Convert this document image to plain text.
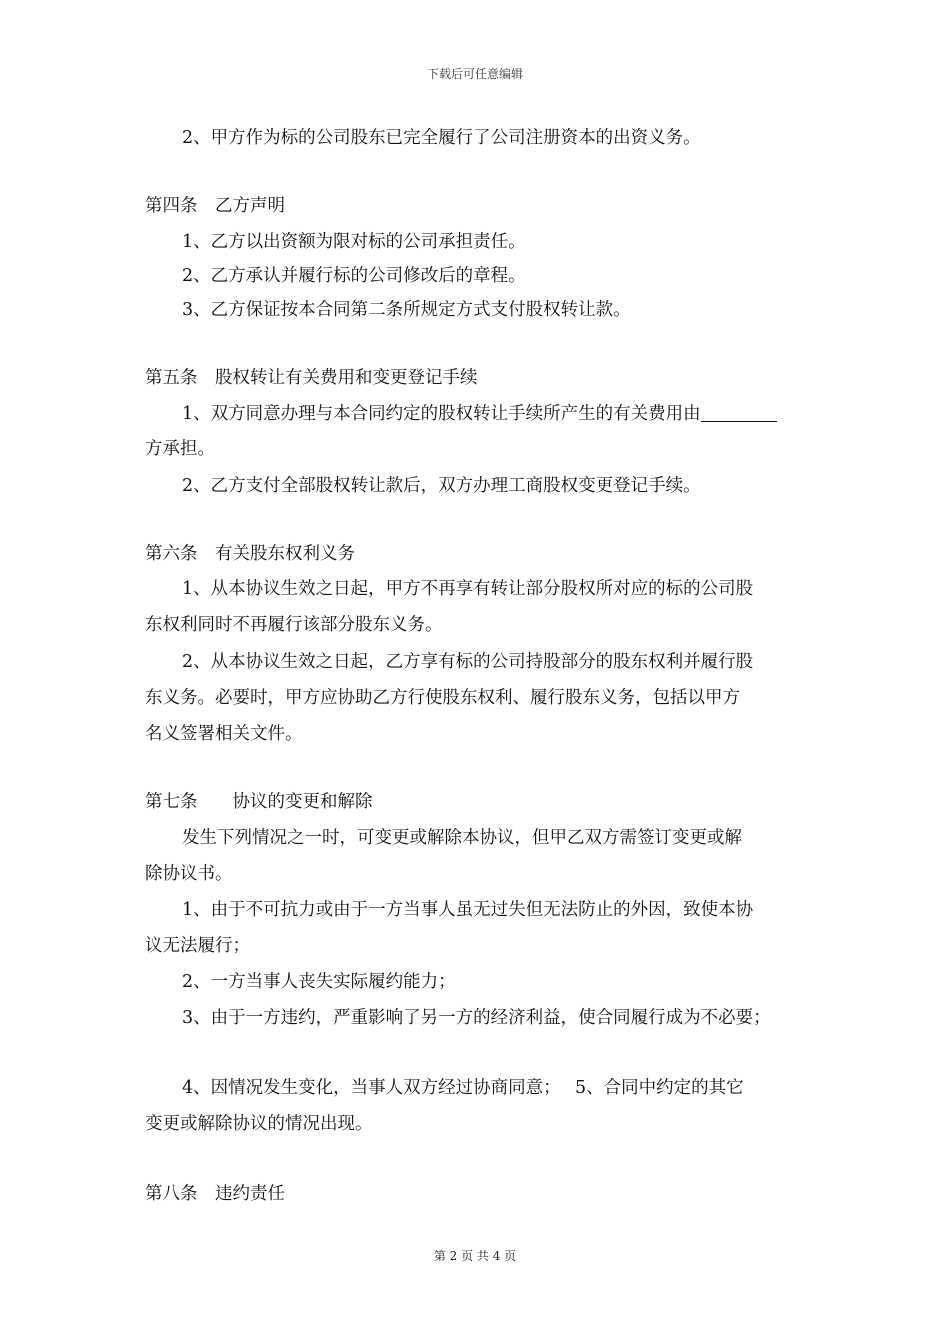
下载后可任意编辑
2、甲方作为标的公司股东已完全履行了公司注册资本的出资义务。
第四条　乙方声明
1、乙方以出资额为限对标的公司承担责任。
2、乙方承认并履行标的公司修改后的章程。
3、乙方保证按本合同第二条所规定方式支付股权转让款。
第五条　股权转让有关费用和变更登记手续
1、双方同意办理与本合同约定的股权转让手续所产生的有关费用由
方承担。
2、乙方支付全部股权转让款后，双方办理工商股权变更登记手续。
第六条　有关股东权利义务
1、从本协议生效之日起，甲方不再享有转让部分股权所对应的标的公司股
东权利同时不再履行该部分股东义务。
2、从本协议生效之日起，乙方享有标的公司持股部分的股东权利并履行股
东义务。必要时，甲方应协助乙方行使股东权利、履行股东义务，包括以甲方
名义签署相关文件。
第七条　　协议的变更和解除
发生下列情况之一时，可变更或解除本协议，但甲乙双方需签订变更或解
除协议书。
1、由于不可抗力或由于一方当事人虽无过失但无法防止的外因，致使本协
议无法履行；
2、一方当事人丧失实际履约能力；
3、由于一方违约，严重影响了另一方的经济利益，使合同履行成为不必要；
4、因情况发生变化，当事人双方经过协商同意；　 5、合同中约定的其它
变更或解除协议的情况出现。
第八条　违约责任
第 2 页 共 4 页
